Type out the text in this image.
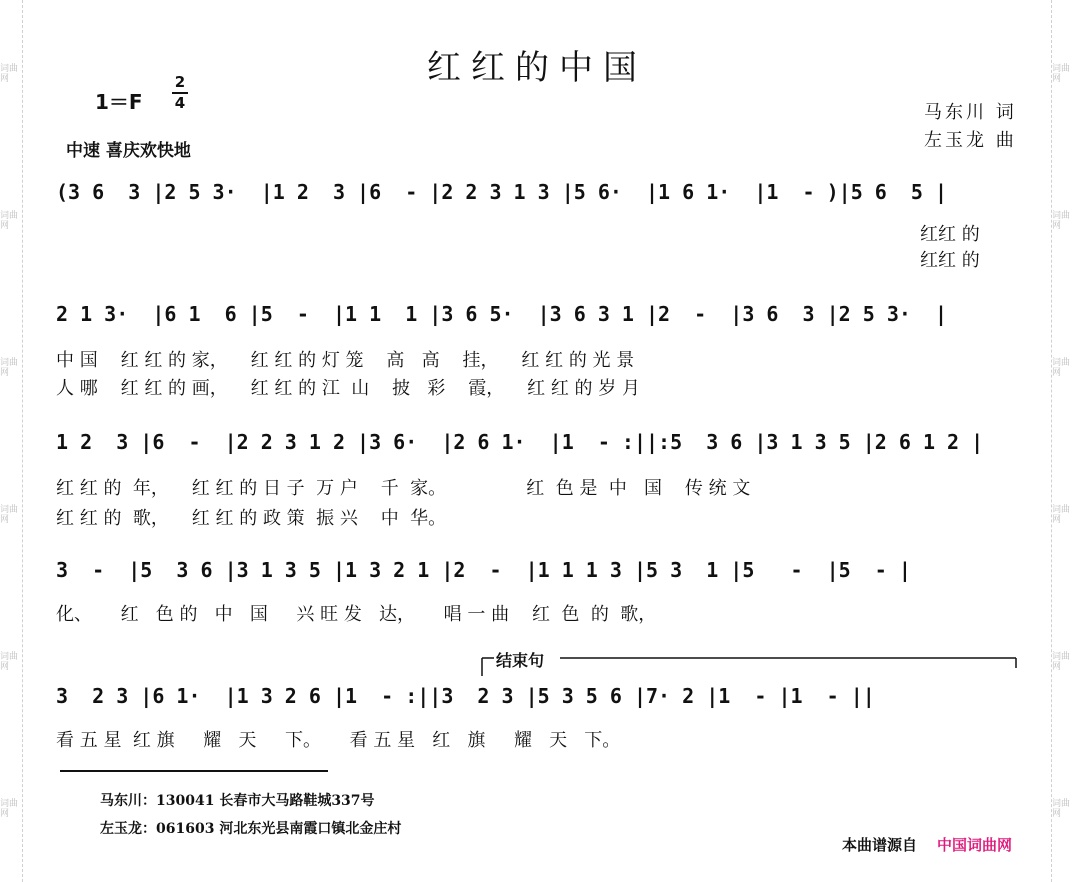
词曲网
词曲网
词曲网
词曲网
词曲网
词曲网
词曲网
词曲网
词曲网
词曲网
词曲网
词曲网
红红的中国
1＝F
2
4
中速 喜庆欢快地
马东川 词
左玉龙 曲
(3 6  3 |2 5 3·  |1 2  3 |6  - |2 2 3 1 3 |5 6·  |1 6 1·  |1  - )|5 6  5 |
红红 的
红红 的
2 1 3·  |6 1  6 |5  -  |1 1  1 |3 6 5·  |3 6 3 1 |2  -  |3 6  3 |2 5 3·  |
中 国    红 红 的 家，    红 红 的 灯 笼    高   高    挂，    红 红 的 光 景
人 哪    红 红 的 画，    红 红 的 江  山    披   彩    霞，    红 红 的 岁 月
1 2  3 |6  -  |2 2 3 1 2 |3 6·  |2 6 1·  |1  - :||:5  3 6 |3 1 3 5 |2 6 1 2 |
红 红 的  年，    红 红 的 日 子  万 户    千  家。              红  色 是  中   国    传 统 文
红 红 的  歌，    红 红 的 政 策  振 兴    中  华。
3  -  |5  3 6 |3 1 3 5 |1 3 2 1 |2  -  |1 1 1 3 |5 3  1 |5   -  |5  - |
化、     红   色 的   中   国     兴 旺 发   达，     唱 一 曲    红  色  的  歌，
结束句
3  2 3 |6 1·  |1 3 2 6 |1  - :||3  2 3 |5 3 5 6 |7· 2 |1  - |1  - ||
看 五 星  红 旗     耀   天     下。     看 五 星   红   旗     耀   天   下。
马东川：130041 长春市大马路鞋城337号
左玉龙：061603 河北东光县南霞口镇北金庄村
本曲谱源自 中国词曲网
